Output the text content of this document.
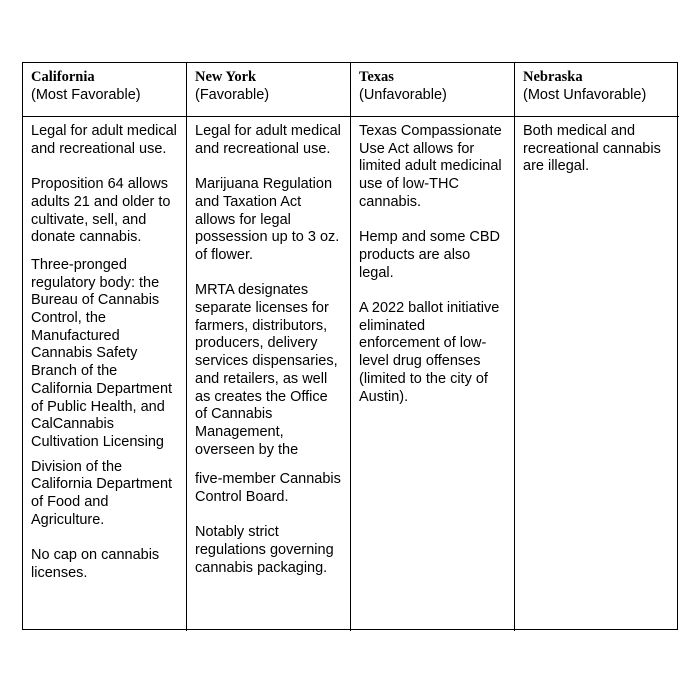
California
(Most Favorable)
New York
(Favorable)
Texas
(Unfavorable)
Nebraska
(Most Unfavorable)

Legal for adult medical and recreational use.

Proposition 64 allows adults 21 and older to cultivate, sell, and donate cannabis.

Three-pronged regulatory body: the Bureau of Cannabis Control, the Manufactured Cannabis Safety Branch of the California Department of Public Health, and CalCannabis Cultivation Licensing

Division of the California Department of Food and Agriculture.

No cap on cannabis licenses.

Legal for adult medical and recreational use.

Marijuana Regulation and Taxation Act allows for legal possession up to 3 oz. of flower.

MRTA designates separate licenses for farmers, distributors, producers, delivery services dispensaries, and retailers, as well as creates the Office of Cannabis Management, overseen by the

five-member Cannabis Control Board.

Notably strict regulations governing cannabis packaging.

Texas Compassionate Use Act allows for limited adult medicinal use of low-THC cannabis.

Hemp and some CBD products are also legal.

A 2022 ballot initiative eliminated enforcement of low-level drug offenses (limited to the city of Austin).

Both medical and recreational cannabis are illegal.
